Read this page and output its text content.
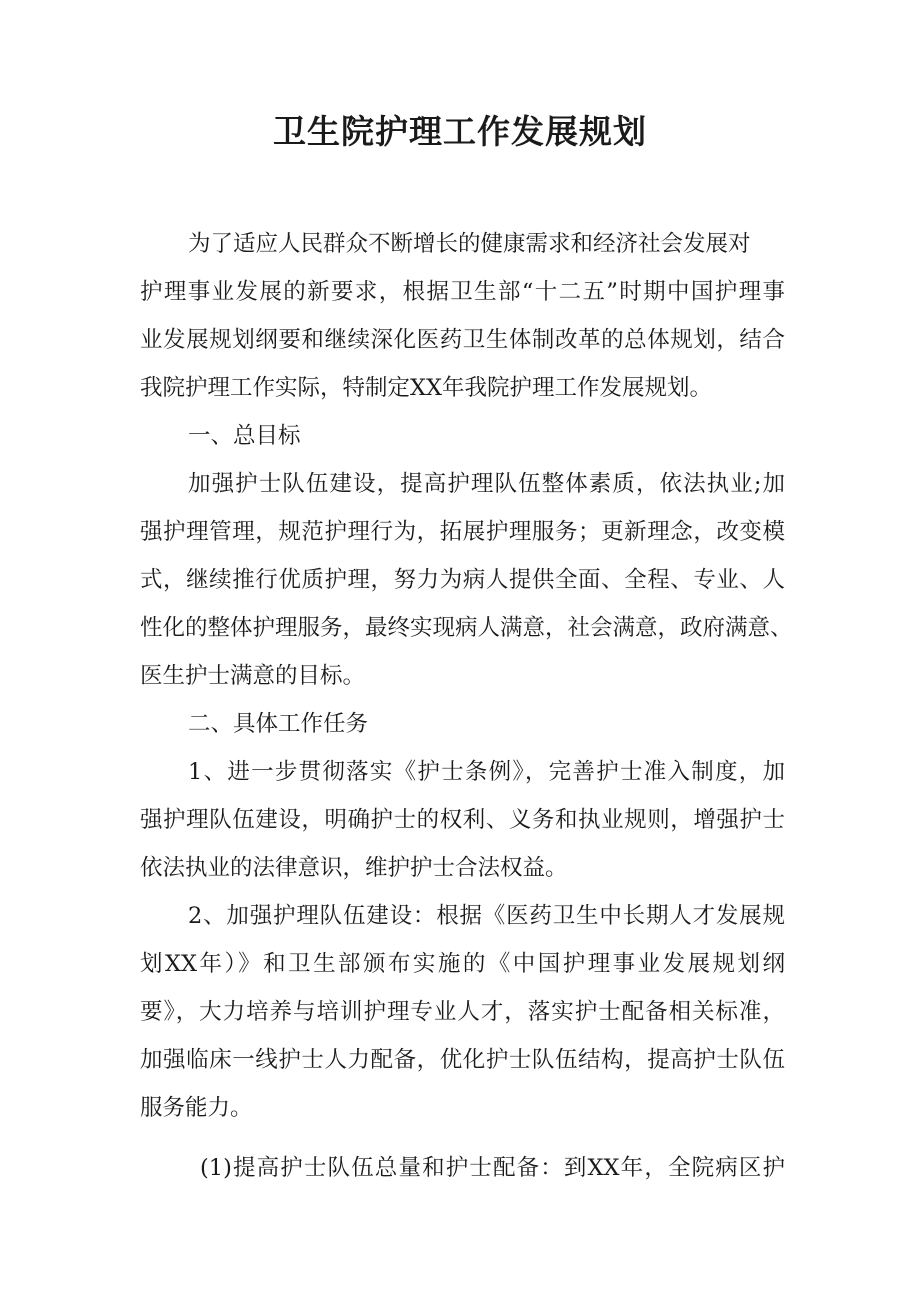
卫生院护理工作发展规划
为了适应人民群众不断增长的健康需求和经济社会发展对
护理事业发展的新要求，根据卫生部“十二五”时期中国护理事
业发展规划纲要和继续深化医药卫生体制改革的总体规划，结合
我院护理工作实际，特制定XX年我院护理工作发展规划。
一、总目标
加强护士队伍建设，提高护理队伍整体素质，依法执业;加
强护理管理，规范护理行为，拓展护理服务；更新理念，改变模
式，继续推行优质护理，努力为病人提供全面、全程、专业、人
性化的整体护理服务，最终实现病人满意，社会满意，政府满意、
医生护士满意的目标。
二、具体工作任务
1、进一步贯彻落实《护士条例》，完善护士准入制度，加
强护理队伍建设，明确护士的权利、义务和执业规则，增强护士
依法执业的法律意识，维护护士合法权益。
2、加强护理队伍建设：根据《医药卫生中长期人才发展规
划XX年）》和卫生部颁布实施的《中国护理事业发展规划纲
要》，大力培养与培训护理专业人才，落实护士配备相关标准，
加强临床一线护士人力配备，优化护士队伍结构，提高护士队伍
服务能力。
(1)提高护士队伍总量和护士配备：到XX年，全院病区护
